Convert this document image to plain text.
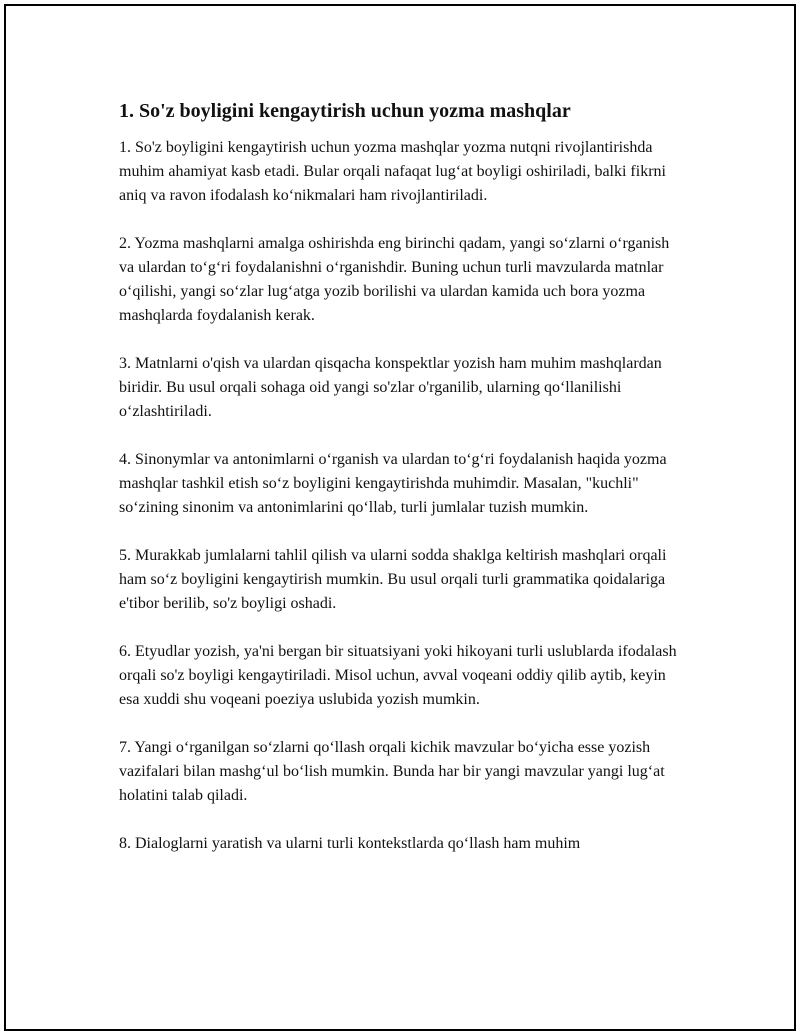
1. So'z boyligini kengaytirish uchun yozma mashqlar

1. So'z boyligini kengaytirish uchun yozma mashqlar yozma nutqni rivojlantirishda muhim ahamiyat kasb etadi. Bular orqali nafaqat lug‘at boyligi oshiriladi, balki fikrni aniq va ravon ifodalash ko‘nikmalari ham rivojlantiriladi.

2. Yozma mashqlarni amalga oshirishda eng birinchi qadam, yangi so‘zlarni o‘rganish va ulardan to‘g‘ri foydalanishni o‘rganishdir. Buning uchun turli mavzularda matnlar o‘qilishi, yangi so‘zlar lug‘atga yozib borilishi va ulardan kamida uch bora yozma mashqlarda foydalanish kerak.

3. Matnlarni o'qish va ulardan qisqacha konspektlar yozish ham muhim mashqlardan biridir. Bu usul orqali sohaga oid yangi so'zlar o'rganilib, ularning qo‘llanilishi o‘zlashtiriladi.

4. Sinonymlar va antonimlarni o‘rganish va ulardan to‘g‘ri foydalanish haqida yozma mashqlar tashkil etish so‘z boyligini kengaytirishda muhimdir. Masalan, "kuchli" so‘zining sinonim va antonimlarini qo‘llab, turli jumlalar tuzish mumkin.

5. Murakkab jumlalarni tahlil qilish va ularni sodda shaklga keltirish mashqlari orqali ham so‘z boyligini kengaytirish mumkin. Bu usul orqali turli grammatika qoidalariga e'tibor berilib, so'z boyligi oshadi.

6. Etyudlar yozish, ya'ni bergan bir situatsiyani yoki hikoyani turli uslublarda ifodalash orqali so'z boyligi kengaytiriladi. Misol uchun, avval voqeani oddiy qilib aytib, keyin esa xuddi shu voqeani poeziya uslubida yozish mumkin.

7. Yangi o‘rganilgan so‘zlarni qo‘llash orqali kichik mavzular bo‘yicha esse yozish vazifalari bilan mashg‘ul bo‘lish mumkin. Bunda har bir yangi mavzular yangi lug‘at holatini talab qiladi.

8. Dialoglarni yaratish va ularni turli kontekstlarda qo‘llash ham muhim
